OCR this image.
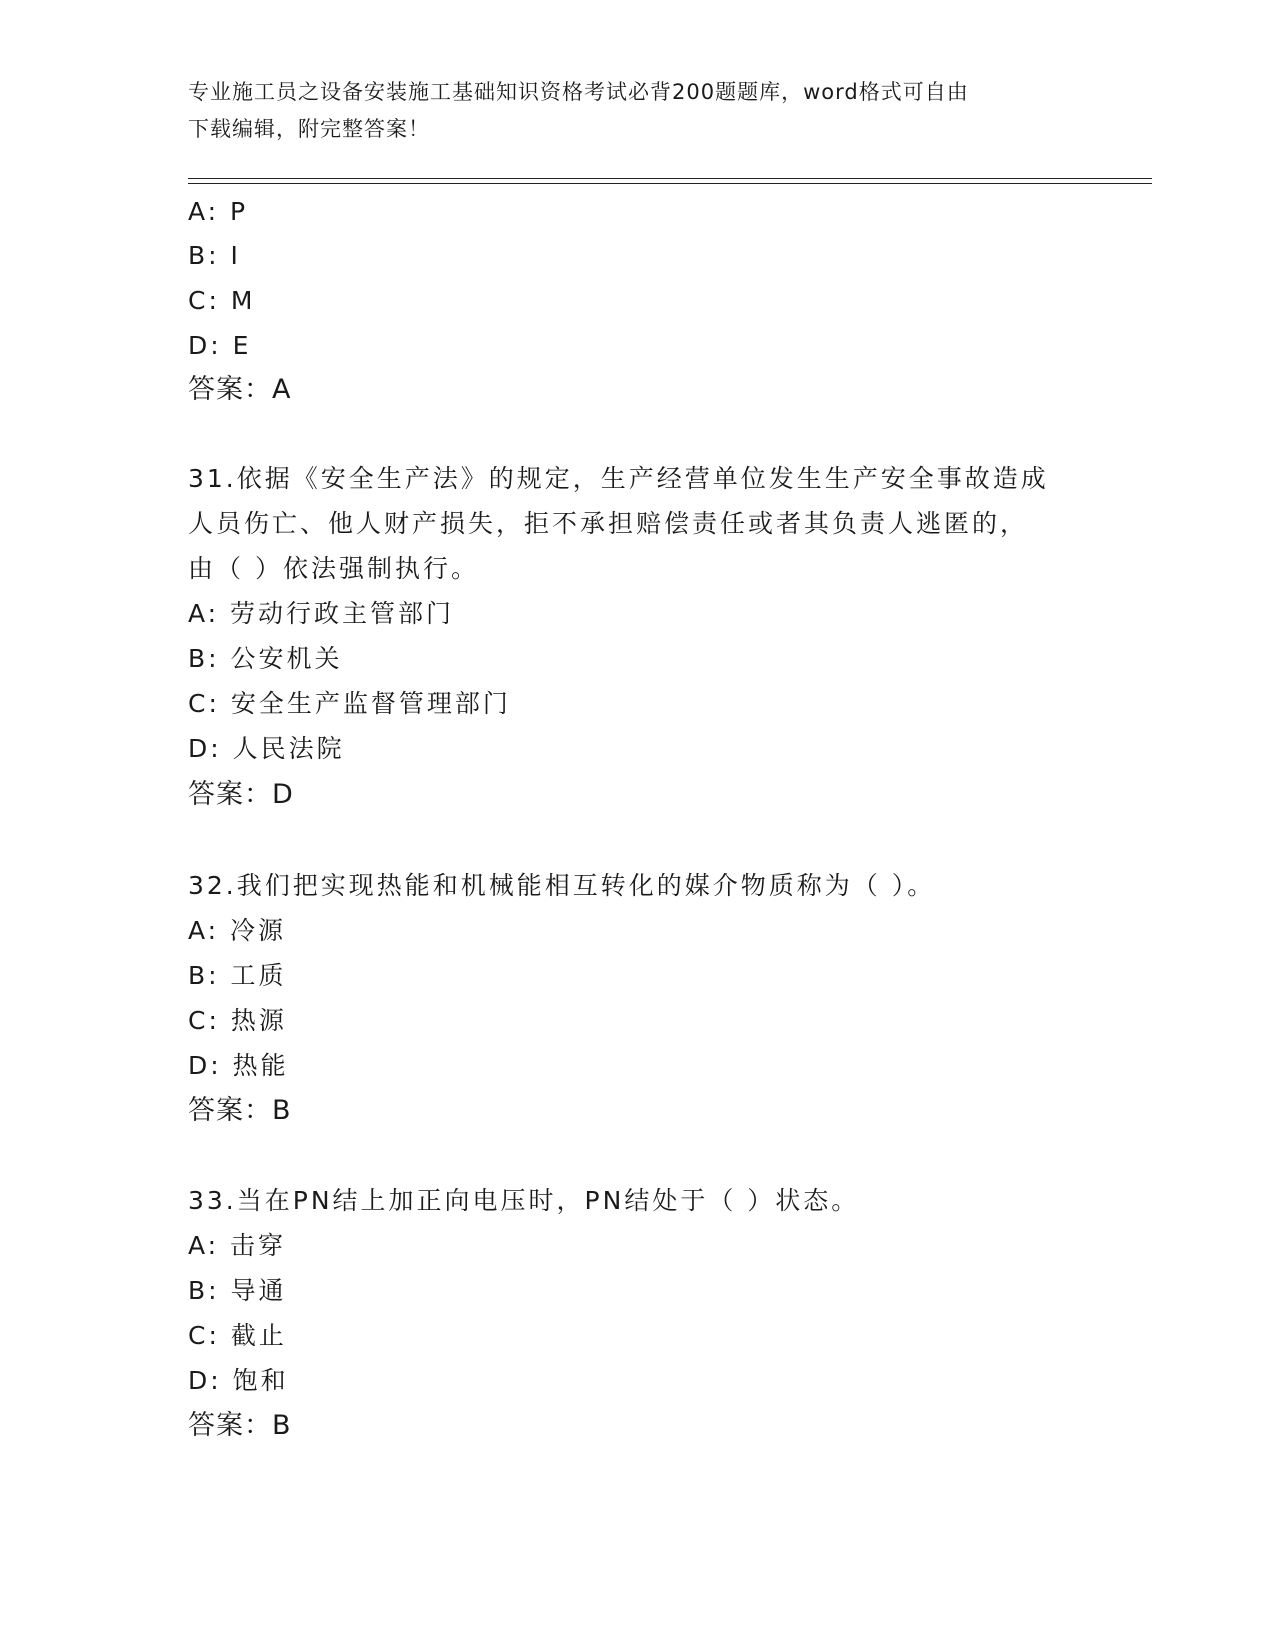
专业施工员之设备安装施工基础知识资格考试必背200题题库，word格式可自由
下载编辑，附完整答案！
A: P
B: I
C: M
D: E
答案：A
31.依据《安全生产法》的规定，生产经营单位发生生产安全事故造成
人员伤亡、他人财产损失，拒不承担赔偿责任或者其负责人逃匿的，
由（ ）依法强制执行。
A: 劳动行政主管部门
B: 公安机关
C: 安全生产监督管理部门
D: 人民法院
答案：D
32.我们把实现热能和机械能相互转化的媒介物质称为（ ）。
A: 冷源
B: 工质
C: 热源
D: 热能
答案：B
33.当在PN结上加正向电压时，PN结处于（ ）状态。
A: 击穿
B: 导通
C: 截止
D: 饱和
答案：B
